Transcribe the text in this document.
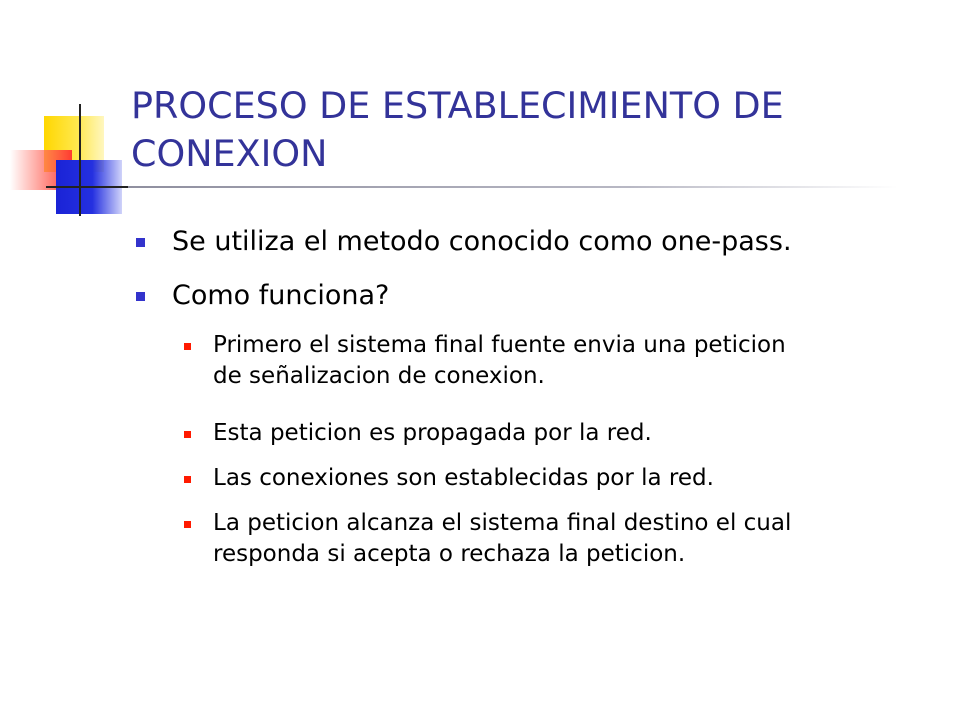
PROCESO DE ESTABLECIMIENTO DE
CONEXION
Se utiliza el metodo conocido como one-pass.
Como funciona?
Primero el sistema final fuente envia una peticion
de señalizacion de conexion.
Esta peticion es propagada por la red.
Las conexiones son establecidas por la red.
La peticion alcanza el sistema final destino el cual
responda si acepta o rechaza la peticion.
